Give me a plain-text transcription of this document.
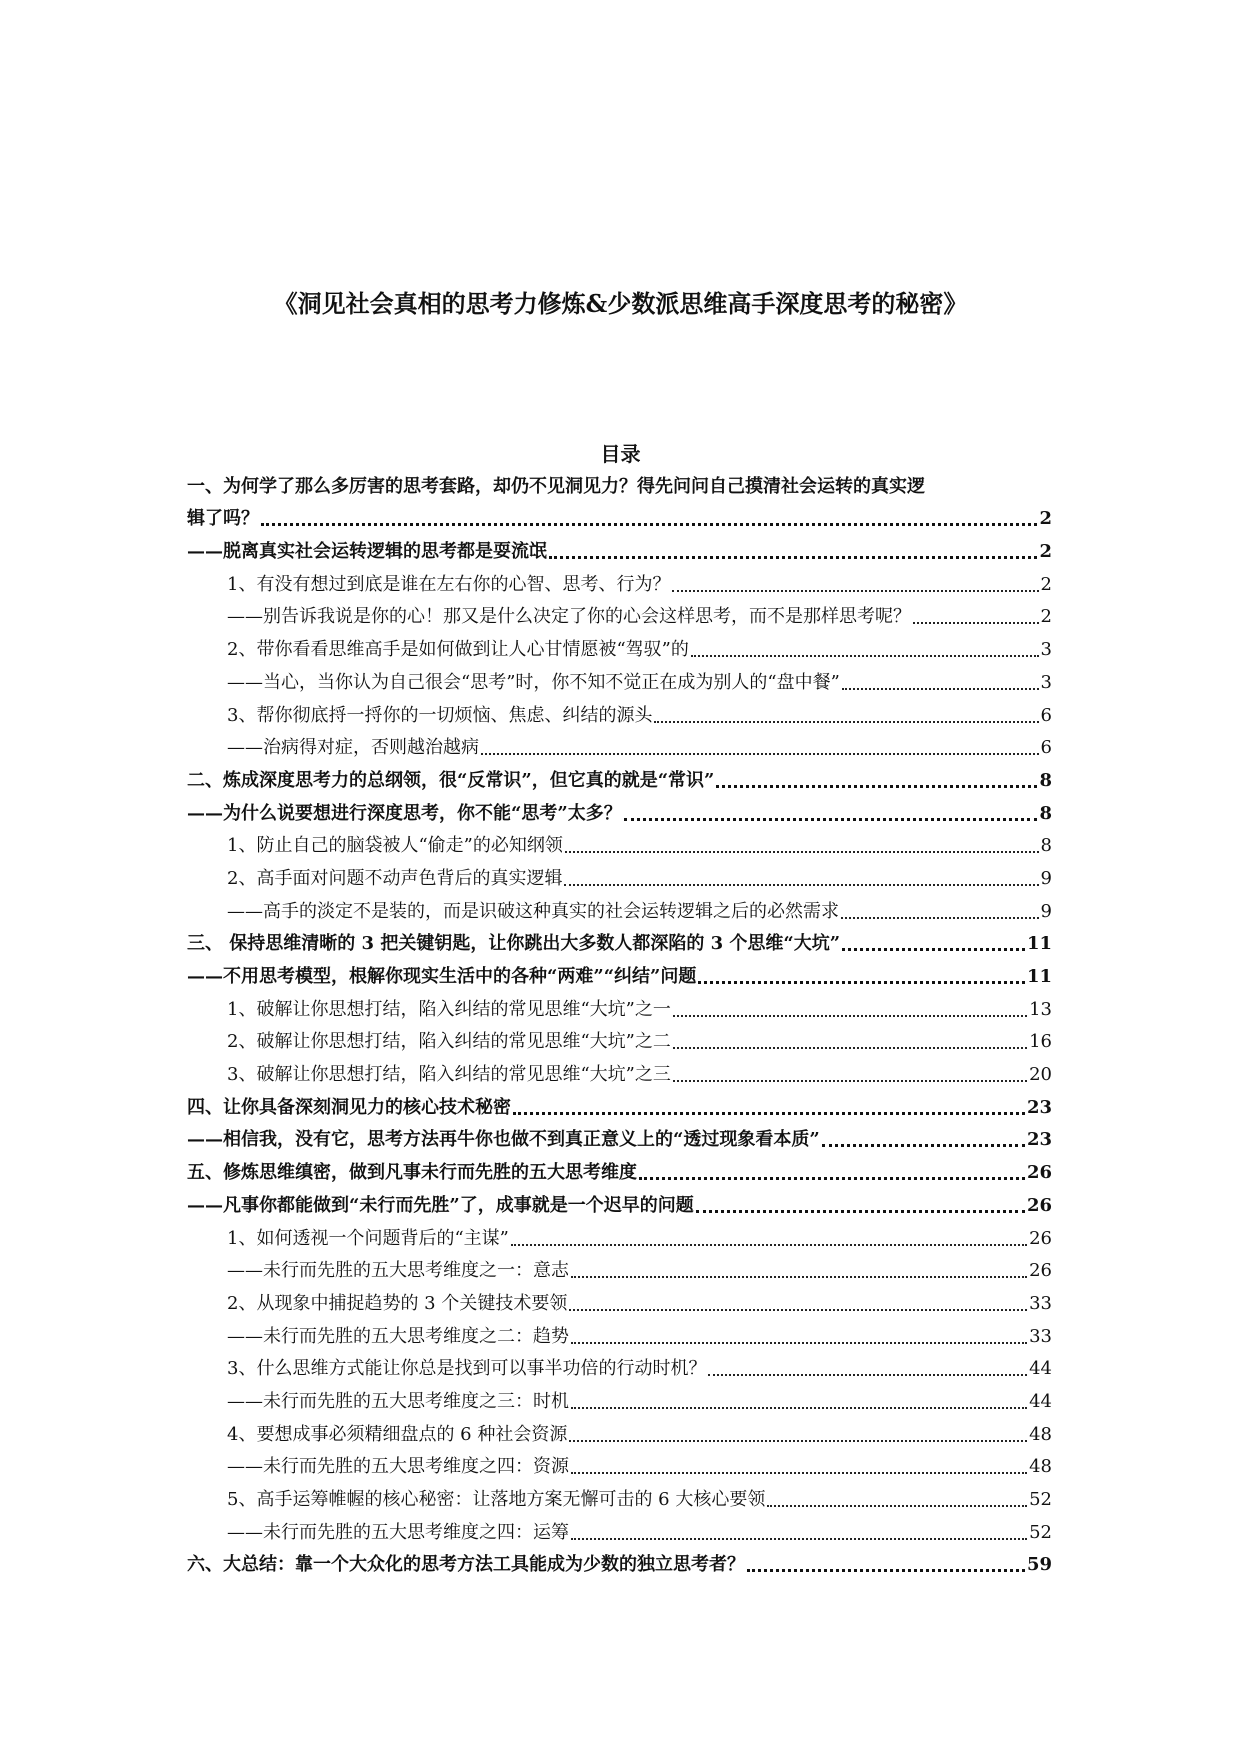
《洞见社会真相的思考力修炼&少数派思维高手深度思考的秘密》
目录
一、为何学了那么多厉害的思考套路，却仍不见洞见力？得先问问自己摸清社会运转的真实逻
辑了吗？	2
——脱离真实社会运转逻辑的思考都是耍流氓	2
1、有没有想过到底是谁在左右你的心智、思考、行为？	2
——别告诉我说是你的心！那又是什么决定了你的心会这样思考，而不是那样思考呢？	2
2、带你看看思维高手是如何做到让人心甘情愿被“驾驭”的	3
——当心，当你认为自己很会“思考”时，你不知不觉正在成为别人的“盘中餐”	3
3、帮你彻底捋一捋你的一切烦恼、焦虑、纠结的源头	6
——治病得对症，否则越治越病	6
二、炼成深度思考力的总纲领，很“反常识”，但它真的就是“常识”	8
——为什么说要想进行深度思考，你不能“思考”太多？	8
1、防止自己的脑袋被人“偷走”的必知纲领	8
2、高手面对问题不动声色背后的真实逻辑	9
——高手的淡定不是装的，而是识破这种真实的社会运转逻辑之后的必然需求	9
三、 保持思维清晰的 3 把关键钥匙，让你跳出大多数人都深陷的 3 个思维“大坑”	11
——不用思考模型，根解你现实生活中的各种“两难”“纠结”问题	11
1、破解让你思想打结，陷入纠结的常见思维“大坑”之一	13
2、破解让你思想打结，陷入纠结的常见思维“大坑”之二	16
3、破解让你思想打结，陷入纠结的常见思维“大坑”之三	20
四、让你具备深刻洞见力的核心技术秘密	23
——相信我，没有它，思考方法再牛你也做不到真正意义上的“透过现象看本质”	23
五、修炼思维缜密，做到凡事未行而先胜的五大思考维度	26
——凡事你都能做到“未行而先胜”了，成事就是一个迟早的问题	26
1、如何透视一个问题背后的“主谋”	26
——未行而先胜的五大思考维度之一：意志	26
2、从现象中捕捉趋势的 3 个关键技术要领	33
——未行而先胜的五大思考维度之二：趋势	33
3、什么思维方式能让你总是找到可以事半功倍的行动时机？	44
——未行而先胜的五大思考维度之三：时机	44
4、要想成事必须精细盘点的 6 种社会资源	48
——未行而先胜的五大思考维度之四：资源	48
5、高手运筹帷幄的核心秘密：让落地方案无懈可击的 6 大核心要领	52
——未行而先胜的五大思考维度之四：运筹	52
六、大总结：靠一个大众化的思考方法工具能成为少数的独立思考者？	59
